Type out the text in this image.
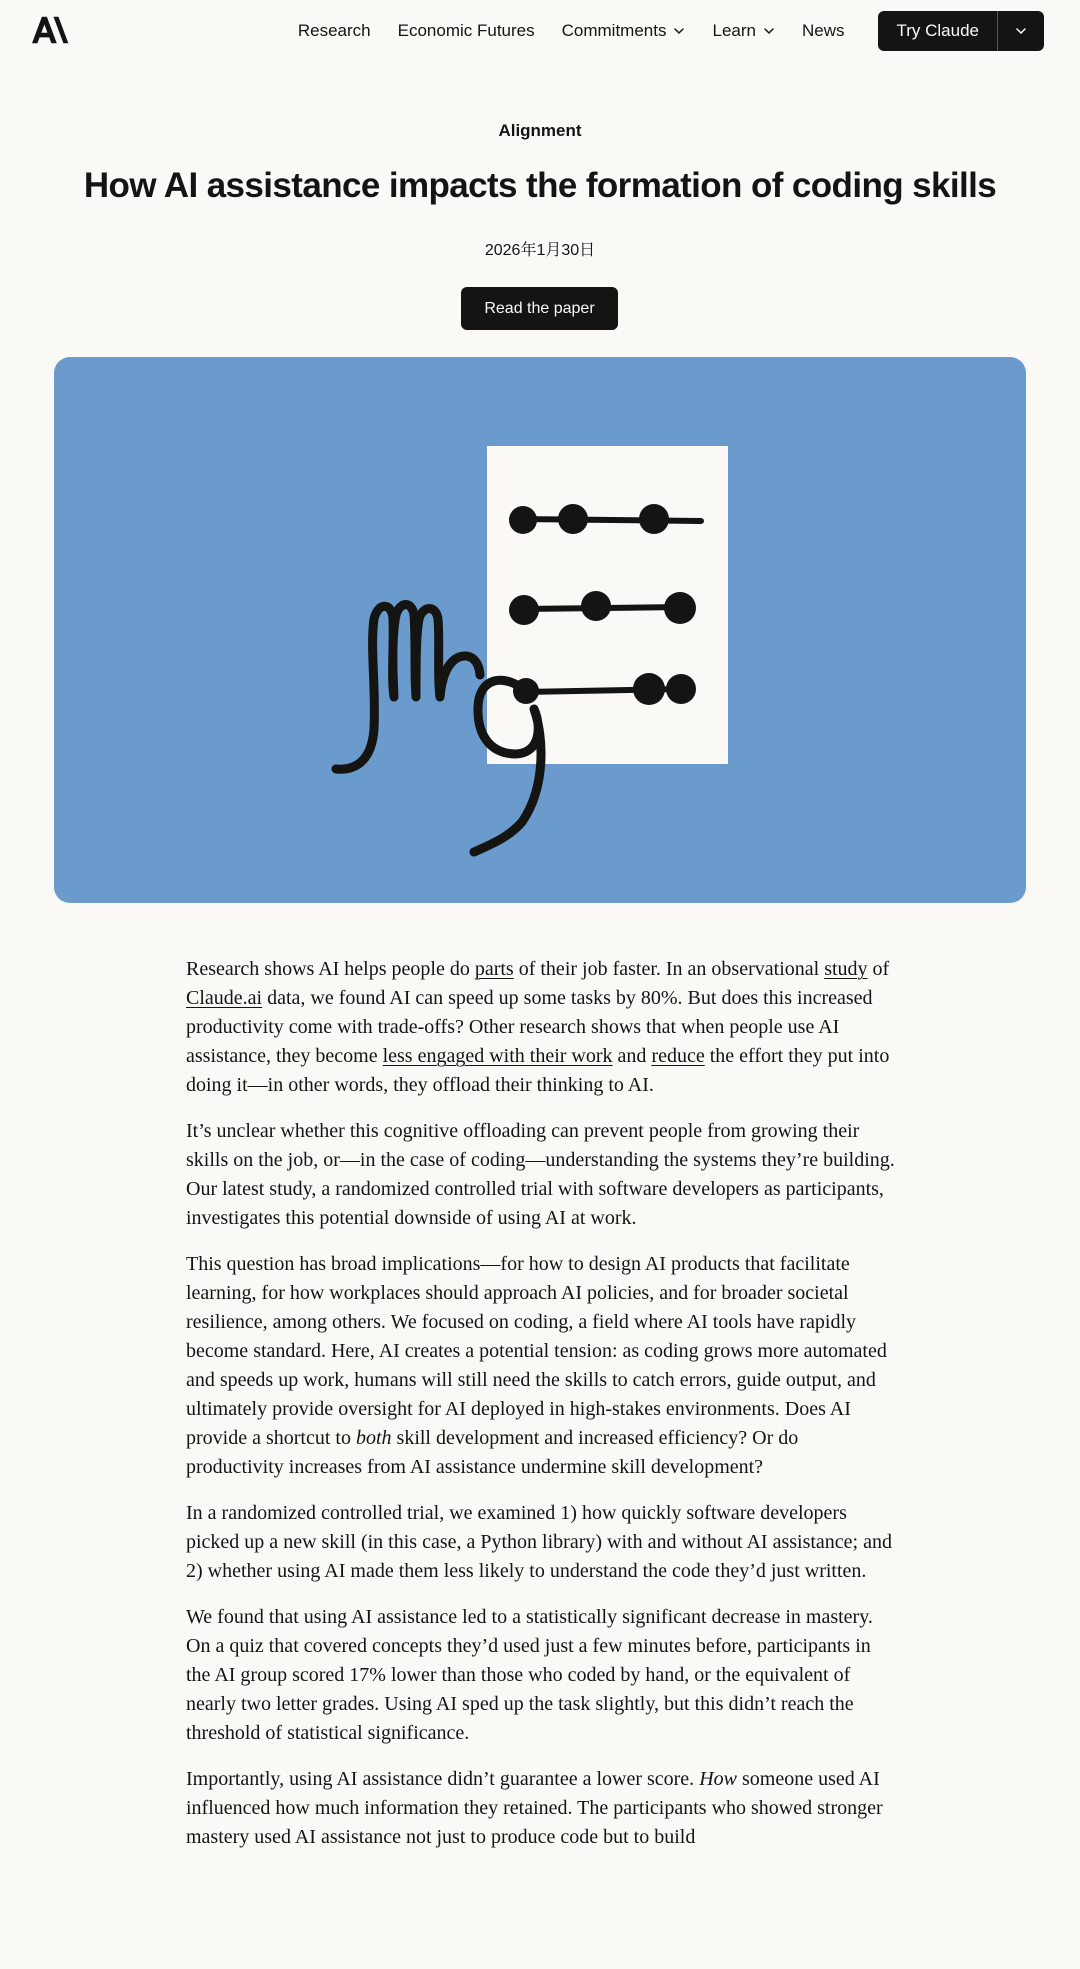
Research Economic Futures Commitments	Learn	News	Try Claude
Alignment
How AI assistance impacts the formation of coding skills
2026年1月30日
Read the paper

Research shows AI helps people do parts of their job faster. In an observational study of Claude.ai data, we found AI can speed up some tasks by 80%. But does this increased productivity come with trade-offs? Other research shows that when people use AI assistance, they become less engaged with their work and reduce the effort they put into doing it—in other words, they offload their thinking to AI.

It’s unclear whether this cognitive offloading can prevent people from growing their skills on the job, or—in the case of coding—understanding the systems they’re building. Our latest study, a randomized controlled trial with software developers as participants, investigates this potential downside of using AI at work.

This question has broad implications—for how to design AI products that facilitate learning, for how workplaces should approach AI policies, and for broader societal resilience, among others. We focused on coding, a field where AI tools have rapidly become standard. Here, AI creates a potential tension: as coding grows more automated and speeds up work, humans will still need the skills to catch errors, guide output, and ultimately provide oversight for AI deployed in high-stakes environments. Does AI provide a shortcut to both skill development and increased efficiency? Or do productivity increases from AI assistance undermine skill development?

In a randomized controlled trial, we examined 1) how quickly software developers picked up a new skill (in this case, a Python library) with and without AI assistance; and 2) whether using AI made them less likely to understand the code they’d just written.

We found that using AI assistance led to a statistically significant decrease in mastery. On a quiz that covered concepts they’d used just a few minutes before, participants in the AI group scored 17% lower than those who coded by hand, or the equivalent of nearly two letter grades. Using AI sped up the task slightly, but this didn’t reach the threshold of statistical significance.

Importantly, using AI assistance didn’t guarantee a lower score. How someone used AI influenced how much information they retained. The participants who showed stronger mastery used AI assistance not just to produce code but to build
